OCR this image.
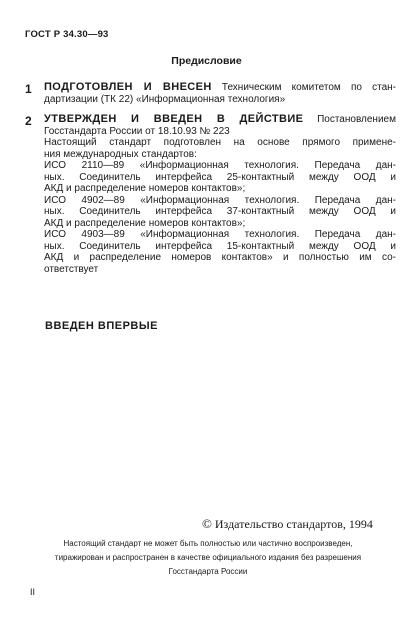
ГОСТ Р 34.30—93
Предисловие
1 ПОДГОТОВЛЕН И ВНЕСЕН Техническим комитетом по стан-
дартизации (ТК 22) «Информационная технология»
2 УТВЕРЖДЕН И ВВЕДЕН В ДЕЙСТВИЕ Постановлением
Госстандарта России от 18.10.93 № 223
Настоящий стандарт подготовлен на основе прямого примене-
ния международных стандартов:
ИСО 2110—89 «Информационная технология. Передача дан-
ных. Соединитель интерфейса 25-контактный между ООД и
АКД и распределение номеров контактов»;
ИСО 4902—89 «Информационная технология. Передача дан-
ных. Соединитель интерфейса 37-контактный между ООД и
АКД и распределение номеров контактов»;
ИСО 4903—89 «Информационная технология. Передача дан-
ных. Соединитель интерфейса 15-контактный между ООД и
АКД и распределение номеров контактов» и полностью им со-
ответствует
ВВЕДЕН ВПЕРВЫЕ
© Издательство стандартов, 1994
Настоящий стандарт не может быть полностью или частично воспроизведен,
тиражирован и распространен в качестве официального издания без разрешения
Госстандарта России
II
